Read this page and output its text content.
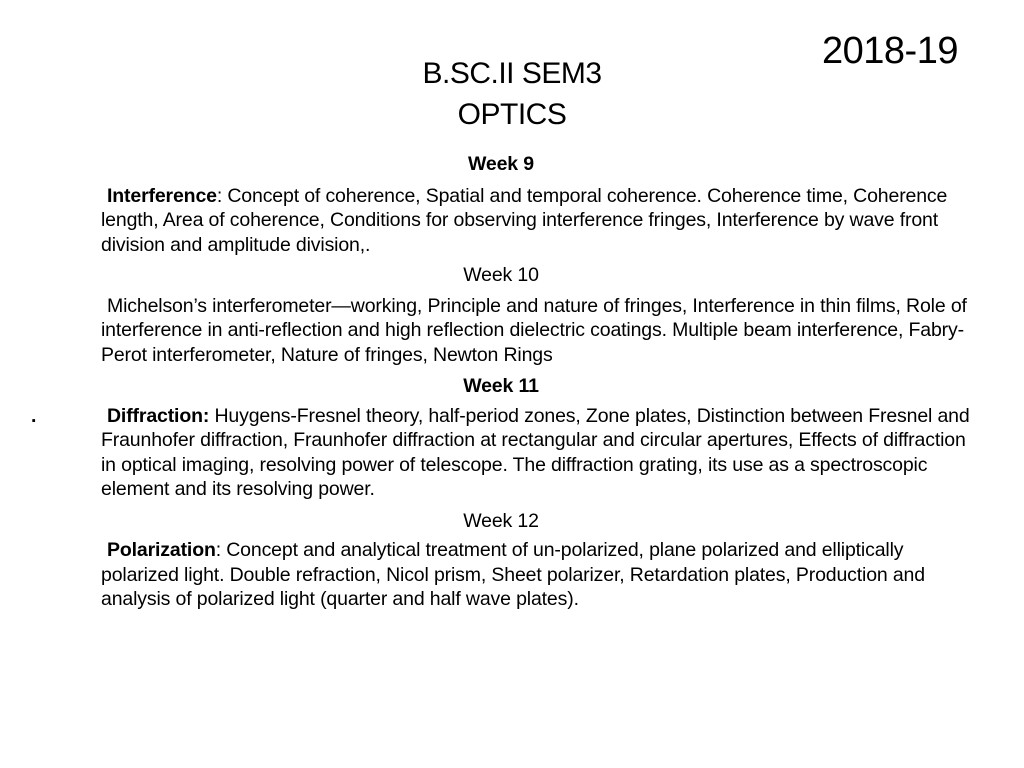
2018-19
B.SC.II SEM3
OPTICS
Week 9
Interference: Concept of coherence, Spatial and temporal coherence. Coherence time, Coherence length, Area of coherence, Conditions for observing interference fringes, Interference by wave front division and amplitude division,.
Week 10
Michelson’s interferometer—working, Principle and nature of fringes, Interference in thin films, Role of interference in anti-reflection and high reflection dielectric coatings. Multiple beam interference, Fabry-Perot interferometer, Nature of fringes, Newton Rings
Week 11
.	Diffraction: Huygens-Fresnel theory, half-period zones, Zone plates, Distinction between Fresnel and Fraunhofer diffraction, Fraunhofer diffraction at rectangular and circular apertures, Effects of diffraction in optical imaging, resolving power of telescope. The diffraction grating, its use as a spectroscopic element and its resolving power.
Week 12
Polarization: Concept and analytical treatment of un-polarized, plane polarized and elliptically polarized light. Double refraction, Nicol prism, Sheet polarizer, Retardation plates, Production and analysis of polarized light (quarter and half wave plates).
